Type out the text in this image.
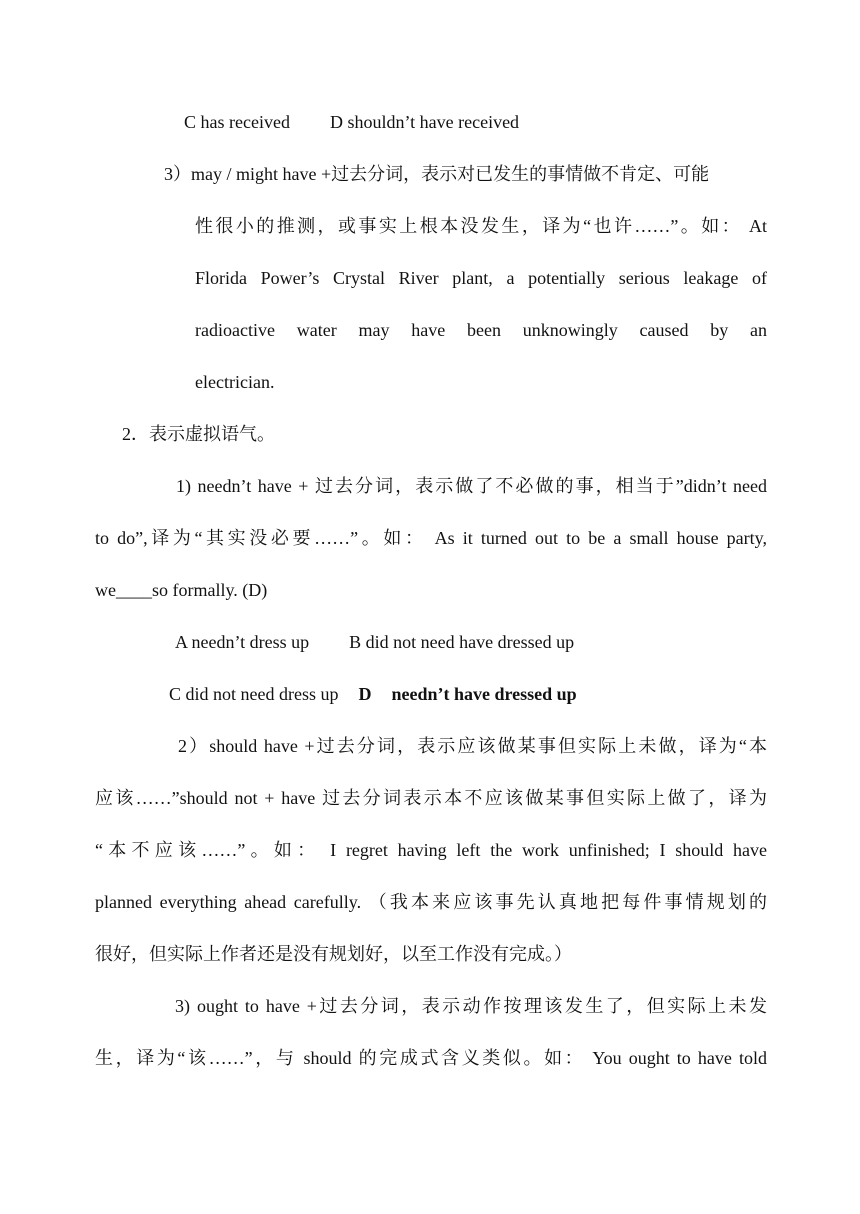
C has received D shouldn’t have received
3）may / might have +过去分词，表示对已发生的事情做不肯定、可能
性很小的推测，或事实上根本没发生，译为“也许……”。如： At
Florida Power’s Crystal River plant, a potentially serious leakage of
radioactive water may have been unknowingly caused by an
electrician.
2．表示虚拟语气。
1) needn’t have + 过去分词，表示做了不必做的事，相当于”didn’t need
to do”,译为“其实没必要……”。如： As it turned out to be a small house party,
we____so formally. (D)
A needn’t dress up B did not need have dressed up
C did not need dress up D needn’t have dressed up
2）should have +过去分词，表示应该做某事但实际上未做，译为“本
应该……”should not + have 过去分词表示本不应该做某事但实际上做了，译为
“本不应该……”。如： I regret having left the work unfinished; I should have
planned everything ahead carefully. （我本来应该事先认真地把每件事情规划的
很好，但实际上作者还是没有规划好，以至工作没有完成。）
3) ought to have +过去分词，表示动作按理该发生了，但实际上未发
生，译为“该……”，与 should 的完成式含义类似。如： You ought to have told
